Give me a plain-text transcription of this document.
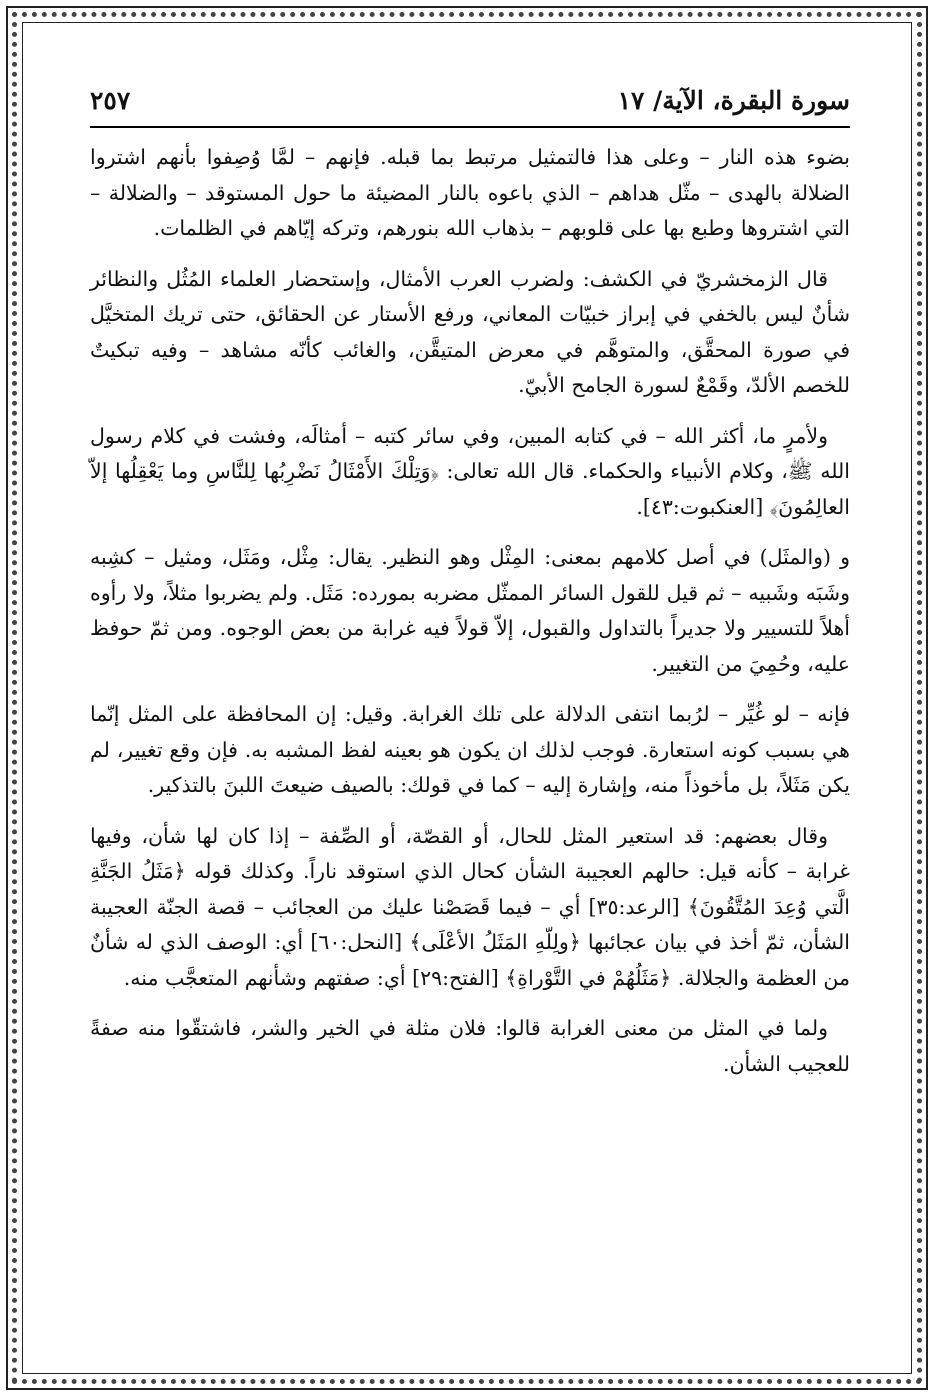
سورة البقرة، الآية/ ١٧
٢٥٧

بضوء هذه النار – وعلى هذا فالتمثيل مرتبط بما قبله. فإنهم – لمَّا وُصِفوا بأنهم اشتروا الضلالة بالهدى – مثّل هداهم – الذي باعوه بالنار المضيئة ما حول المستوقد – والضلالة – التي اشتروها وطبع بها على قلوبهم – بذهاب الله بنورهم، وتركه إيّاهم في الظلمات.

قال الزمخشريّ في الكشف: ولضرب العرب الأمثال، وإستحضار العلماء المُثُل والنظائر شأنٌ ليس بالخفي في إبراز خبيّات المعاني، ورفع الأستار عن الحقائق، حتى تريك المتخيَّل في صورة المحقَّق، والمتوهَّم في معرض المتيقَّن، والغائب كأنّه مشاهد – وفيه تبكيتٌ للخصم الألدّ، وقَمْعٌ لسورة الجامح الأبيّ.

ولأمرٍ ما، أكثر الله – في كتابه المبين، وفي سائر كتبه – أمثالَه، وفشت في كلام رسول الله ﷺ، وكلام الأنبياء والحكماء. قال الله تعالى: ﴿وَتِلْكَ الأَمْثَالُ نَضْرِبُها لِلنَّاسِ وما يَعْقِلُها إلاّ العالِمُونَ﴾ [العنكبوت:٤٣].

و (والمثَل) في أصل كلامهم بمعنى: المِثْل وهو النظير. يقال: مِثْل، ومَثَل، ومثيل – كشِبه وشَبَه وشَبيه – ثم قيل للقول السائر الممثّل مضربه بمورده: مَثَل. ولم يضربوا مثلاً، ولا رأوه أهلاً للتسيير ولا جديراً بالتداول والقبول، إلاّ قولاً فيه غرابة من بعض الوجوه. ومن ثمّ حوفظ عليه، وحُمِيَ من التغيير.

فإنه – لو غُيِّر – لرُبما انتفى الدلالة على تلك الغرابة. وقيل: إن المحافظة على المثل إنّما هي بسبب كونه استعارة. فوجب لذلك ان يكون هو بعينه لفظ المشبه به. فإن وقع تغيير، لم يكن مَثَلاً، بل مأخوذاً منه، وإشارة إليه – كما في قولك: بالصيف ضيعتَ اللبنَ بالتذكير.

وقال بعضهم: قد استعير المثل للحال، أو القصّة، أو الصِّفة – إذا كان لها شأن، وفيها غرابة – كأنه قيل: حالهم العجيبة الشأن كحال الذي استوقد ناراً. وكذلك قوله ﴿مَثَلُ الجَنَّةِ الَّتي وُعِدَ المُتَّقُونَ﴾ [الرعد:٣٥] أي – فيما قَصَصْنا عليك من العجائب – قصة الجنّة العجيبة الشأن، ثمّ أخذ في بيان عجائبها ﴿ولِلّهِ المَثَلُ الأعْلَى﴾ [النحل:٦٠] أي: الوصف الذي له شأنٌ من العظمة والجلالة. ﴿مَثَلُهُمْ في التَّوْراةِ﴾ [الفتح:٢٩] أي: صفتهم وشأنهم المتعجَّب منه.

ولما في المثل من معنى الغرابة قالوا: فلان مثلة في الخير والشر، فاشتقّوا منه صفةً للعجيب الشأن.
